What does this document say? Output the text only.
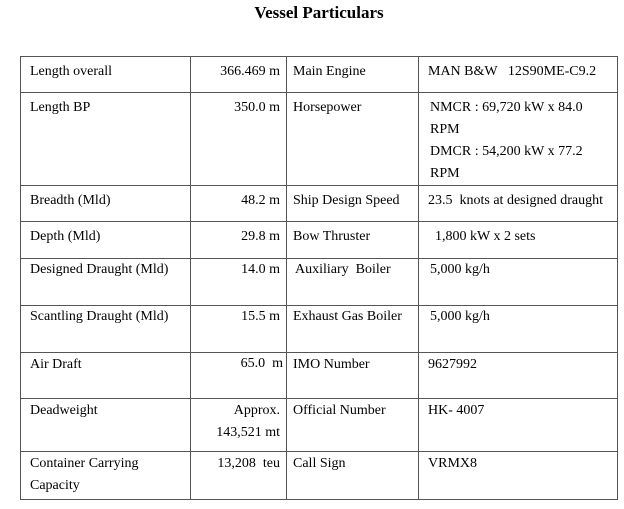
Vessel Particulars
Length overall	366.469 m	Main Engine	MAN B&W   12S90ME-C9.2
Length BP	350.0 m	Horsepower	NMCR : 69,720 kW x 84.0 RPM
DMCR : 54,200 kW x 77.2 RPM

Breadth (Mld)	48.2 m	Ship Design Speed	23.5  knots at designed draught
Depth (Mld)	29.8 m	Bow Thruster	1,800 kW x 2 sets
Designed Draught (Mld)	14.0 m	Auxiliary  Boiler	5,000 kg/h
Scantling Draught (Mld)	15.5 m	Exhaust Gas Boiler	5,000 kg/h
Air Draft	65.0  m	IMO Number	9627992
Deadweight	Approx. 143,521 mt	Official Number	HK- 4007
Container Carrying Capacity	13,208  teu	Call Sign	VRMX8
